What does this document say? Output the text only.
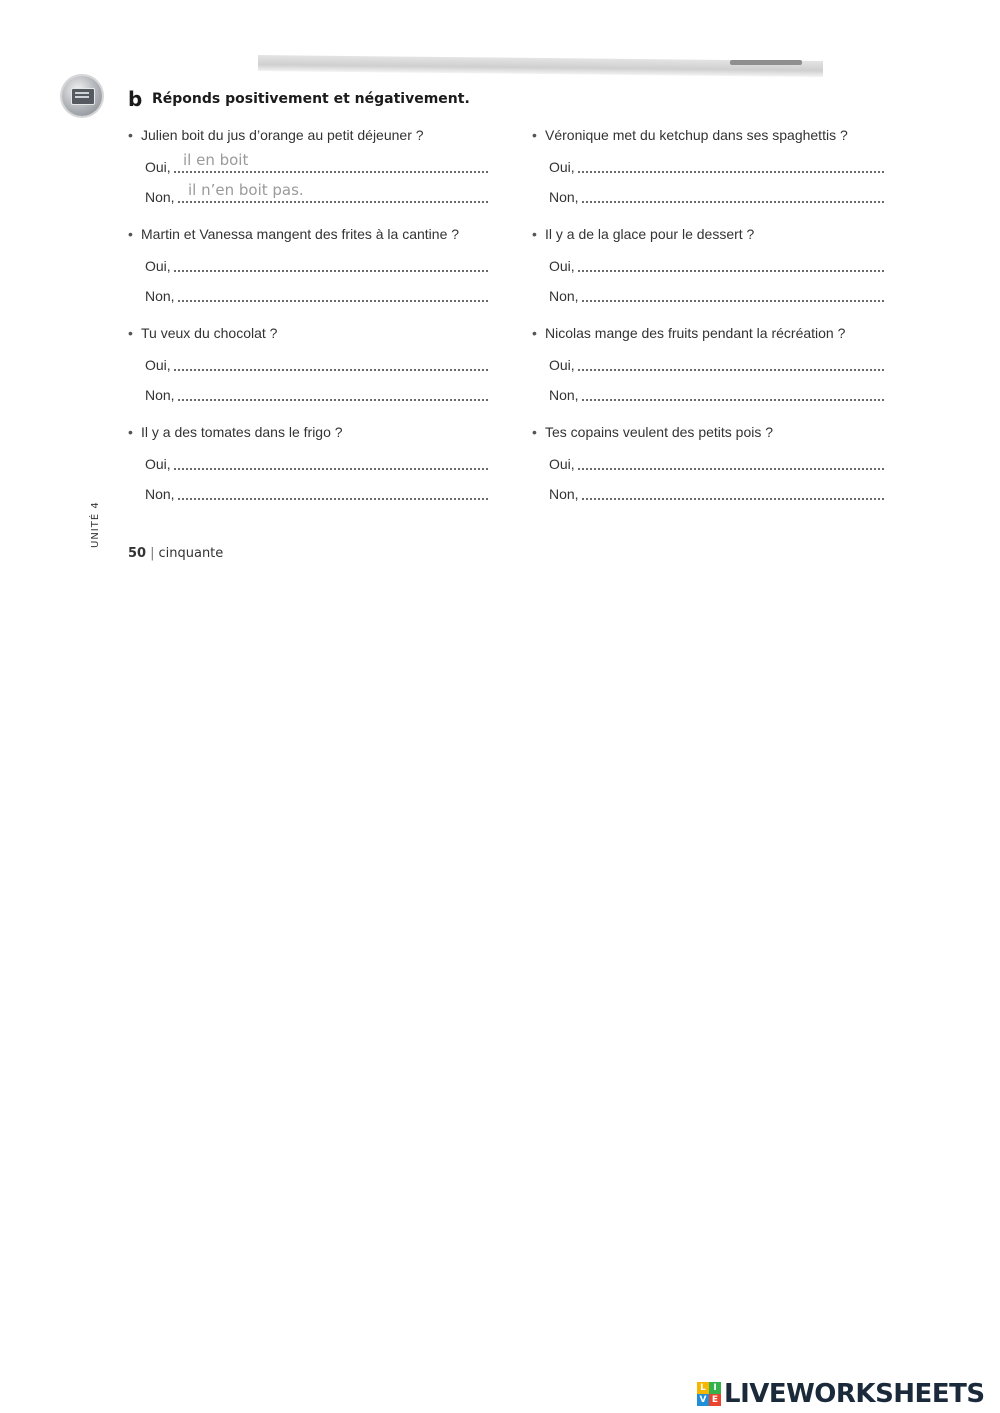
b Réponds positivement et négativement.
• Julien boit du jus d’orange au petit déjeuner ?
Oui, il en boit
Non, il n’en boit pas.
• Martin et Vanessa mangent des frites à la cantine ?
Oui,
Non,
• Tu veux du chocolat ?
Oui,
Non,
• Il y a des tomates dans le frigo ?
Oui,
Non,
• Véronique met du ketchup dans ses spaghettis ?
Oui,
Non,
• Il y a de la glace pour le dessert ?
Oui,
Non,
• Nicolas mange des fruits pendant la récréation ?
Oui,
Non,
• Tes copains veulent des petits pois ?
Oui,
Non,
UNITÉ 4
50 | cinquante
L I
V E LIVEWORKSHEETS
